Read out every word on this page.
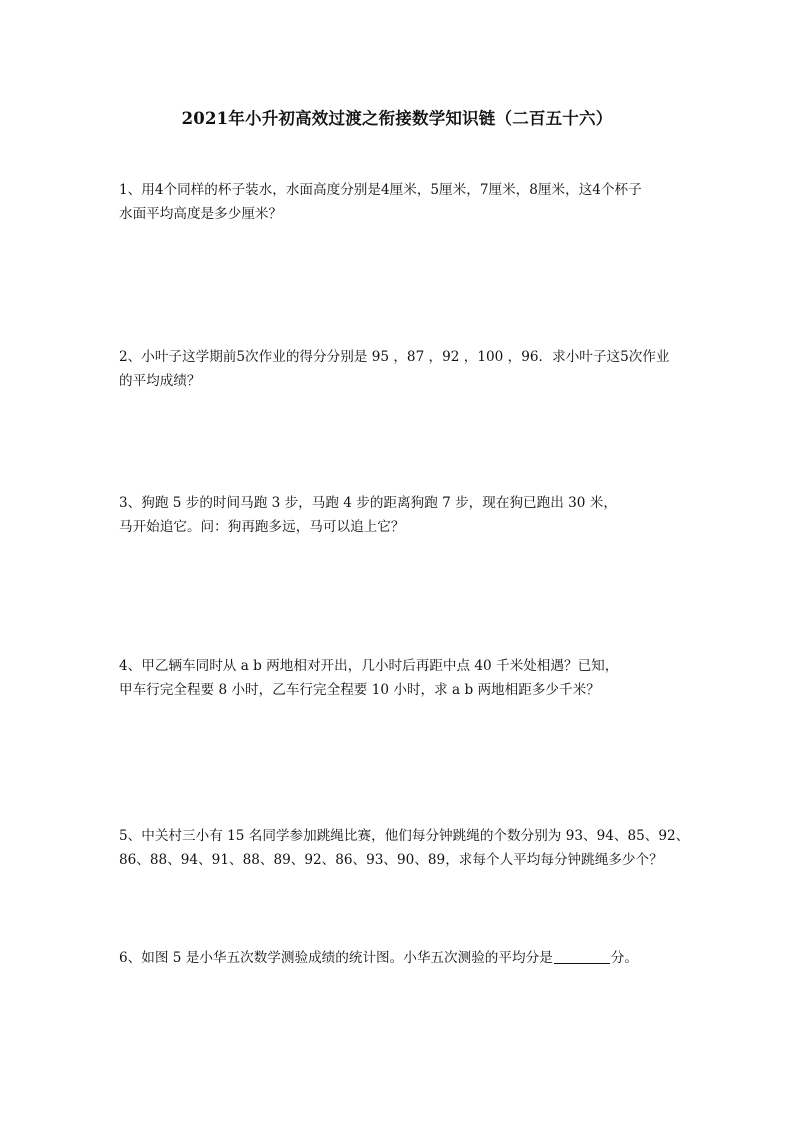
2021年小升初高效过渡之衔接数学知识链（二百五十六）
1、用4个同样的杯子装水，水面高度分别是4厘米，5厘米，7厘米，8厘米，这4个杯子
水面平均高度是多少厘米？
2、小叶子这学期前5次作业的得分分别是 95 ，87 ，92 ，100 ，96．求小叶子这5次作业
的平均成绩？
3、狗跑 5 步的时间马跑 3 步，马跑 4 步的距离狗跑 7 步，现在狗已跑出 30 米，
马开始追它。问：狗再跑多远，马可以追上它？
4、甲乙辆车同时从 a b 两地相对开出，几小时后再距中点 40 千米处相遇？已知，
甲车行完全程要 8 小时，乙车行完全程要 10 小时，求 a b 两地相距多少千米？
5、中关村三小有 15 名同学参加跳绳比赛，他们每分钟跳绳的个数分别为 93、94、85、92、
86、88、94、91、88、89、92、86、93、90、89，求每个人平均每分钟跳绳多少个？
6、如图 5 是小华五次数学测验成绩的统计图。小华五次测验的平均分是	分。
